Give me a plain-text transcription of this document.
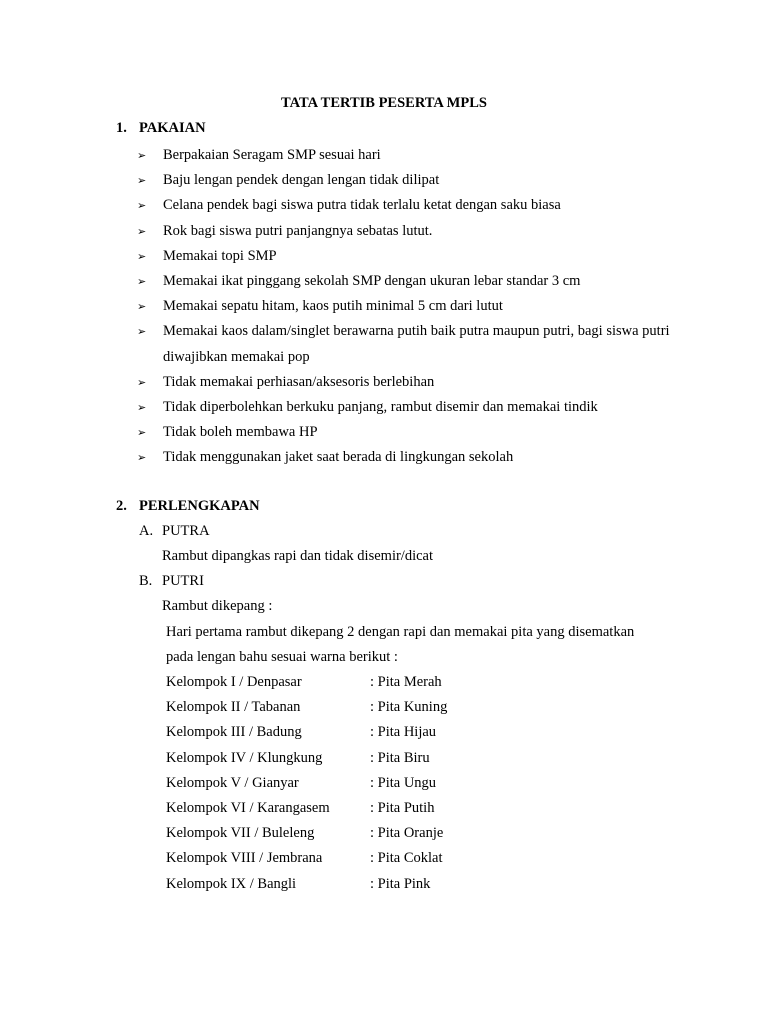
TATA TERTIB PESERTA MPLS
1. PAKAIAN
➢	Berpakaian Seragam SMP sesuai hari
➢	Baju lengan pendek dengan lengan tidak dilipat
➢	Celana pendek bagi siswa putra tidak terlalu ketat dengan saku biasa
➢	Rok bagi siswa putri panjangnya sebatas lutut.
➢	Memakai topi SMP
➢	Memakai ikat pinggang sekolah SMP dengan ukuran lebar standar 3 cm
➢	Memakai sepatu hitam, kaos putih minimal 5 cm dari lutut
➢	Memakai kaos dalam/singlet berawarna putih baik putra maupun putri, bagi siswa putri diwajibkan memakai pop
➢	Tidak memakai perhiasan/aksesoris berlebihan
➢	Tidak diperbolehkan berkuku panjang, rambut disemir dan memakai tindik
➢	Tidak boleh membawa HP
➢	Tidak menggunakan jaket saat berada di lingkungan sekolah
2. PERLENGKAPAN
A. PUTRA
Rambut dipangkas rapi dan tidak disemir/dicat
B. PUTRI
Rambut dikepang :
Hari pertama rambut dikepang 2 dengan rapi dan memakai pita yang disematkan
pada lengan bahu sesuai warna berikut :
Kelompok I / Denpasar	: Pita Merah
Kelompok II / Tabanan	: Pita Kuning
Kelompok III / Badung	: Pita Hijau
Kelompok IV / Klungkung	: Pita Biru
Kelompok V / Gianyar	: Pita Ungu
Kelompok VI / Karangasem	: Pita Putih
Kelompok VII / Buleleng	: Pita Oranje
Kelompok VIII / Jembrana	: Pita Coklat
Kelompok IX / Bangli	: Pita Pink
